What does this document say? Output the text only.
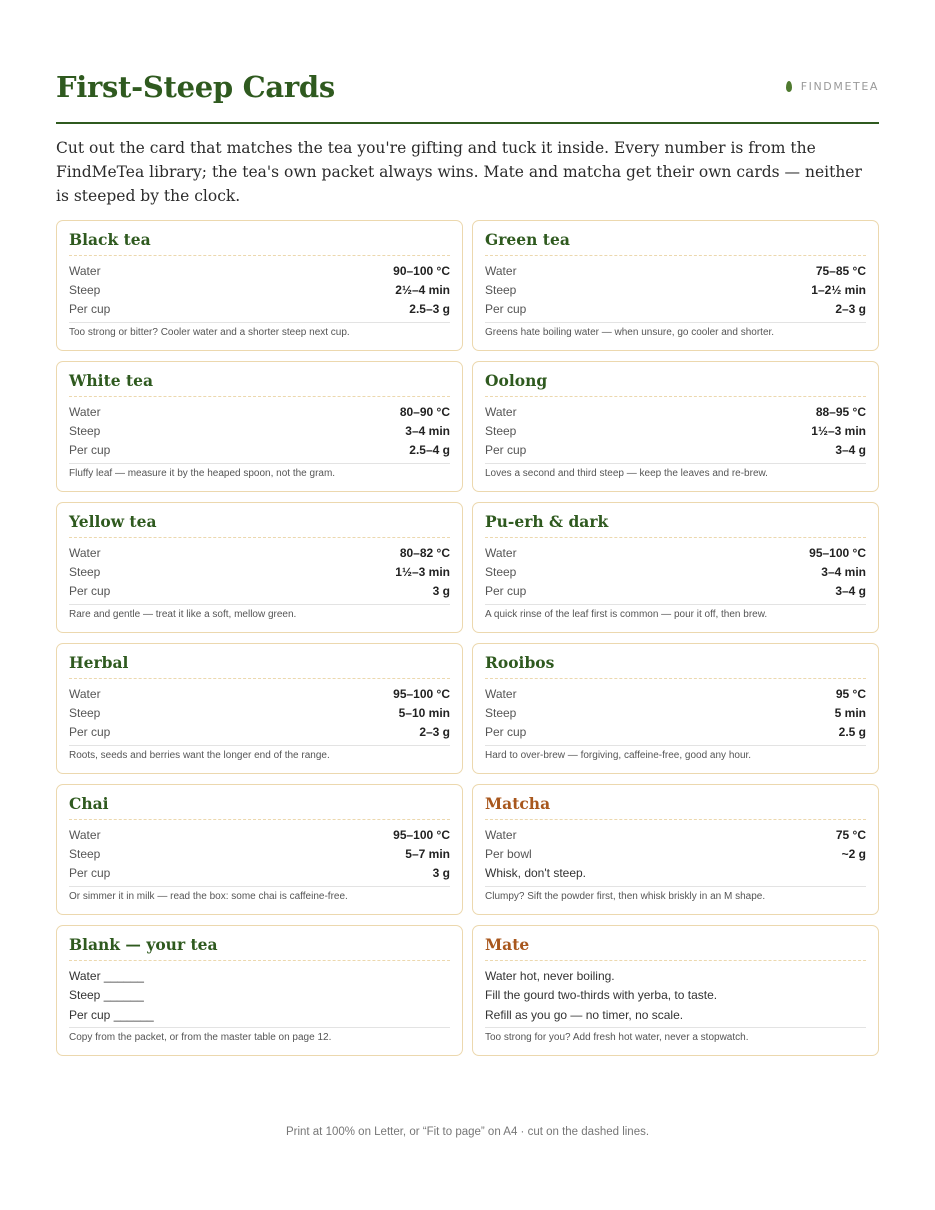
First-Steep Cards	FINDMETEA

Cut out the card that matches the tea you're gifting and tuck it inside. Every number is from the FindMeTea library; the tea's own packet always wins. Mate and matcha get their own cards — neither is steeped by the clock.

Black tea
Water	90–100 °C
Steep	2½–4 min
Per cup	2.5–3 g
Too strong or bitter? Cooler water and a shorter steep next cup.
Green tea
Water	75–85 °C
Steep	1–2½ min
Per cup	2–3 g
Greens hate boiling water — when unsure, go cooler and shorter.
White tea
Water	80–90 °C
Steep	3–4 min
Per cup	2.5–4 g
Fluffy leaf — measure it by the heaped spoon, not the gram.
Oolong
Water	88–95 °C
Steep	1½–3 min
Per cup	3–4 g
Loves a second and third steep — keep the leaves and re-brew.
Yellow tea
Water	80–82 °C
Steep	1½–3 min
Per cup	3 g
Rare and gentle — treat it like a soft, mellow green.
Pu-erh & dark
Water	95–100 °C
Steep	3–4 min
Per cup	3–4 g
A quick rinse of the leaf first is common — pour it off, then brew.
Herbal
Water	95–100 °C
Steep	5–10 min
Per cup	2–3 g
Roots, seeds and berries want the longer end of the range.
Rooibos
Water	95 °C
Steep	5 min
Per cup	2.5 g
Hard to over-brew — forgiving, caffeine-free, good any hour.
Chai
Water	95–100 °C
Steep	5–7 min
Per cup	3 g
Or simmer it in milk — read the box: some chai is caffeine-free.
Matcha
Water	75 °C
Per bowl	~2 g
Whisk, don't steep.
Clumpy? Sift the powder first, then whisk briskly in an M shape.
Blank — your tea
Water ______
Steep ______
Per cup ______
Copy from the packet, or from the master table on page 12.
Mate
Water hot, never boiling.
Fill the gourd two-thirds with yerba, to taste.
Refill as you go — no timer, no scale.
Too strong for you? Add fresh hot water, never a stopwatch.
Print at 100% on Letter, or “Fit to page” on A4 · cut on the dashed lines.
